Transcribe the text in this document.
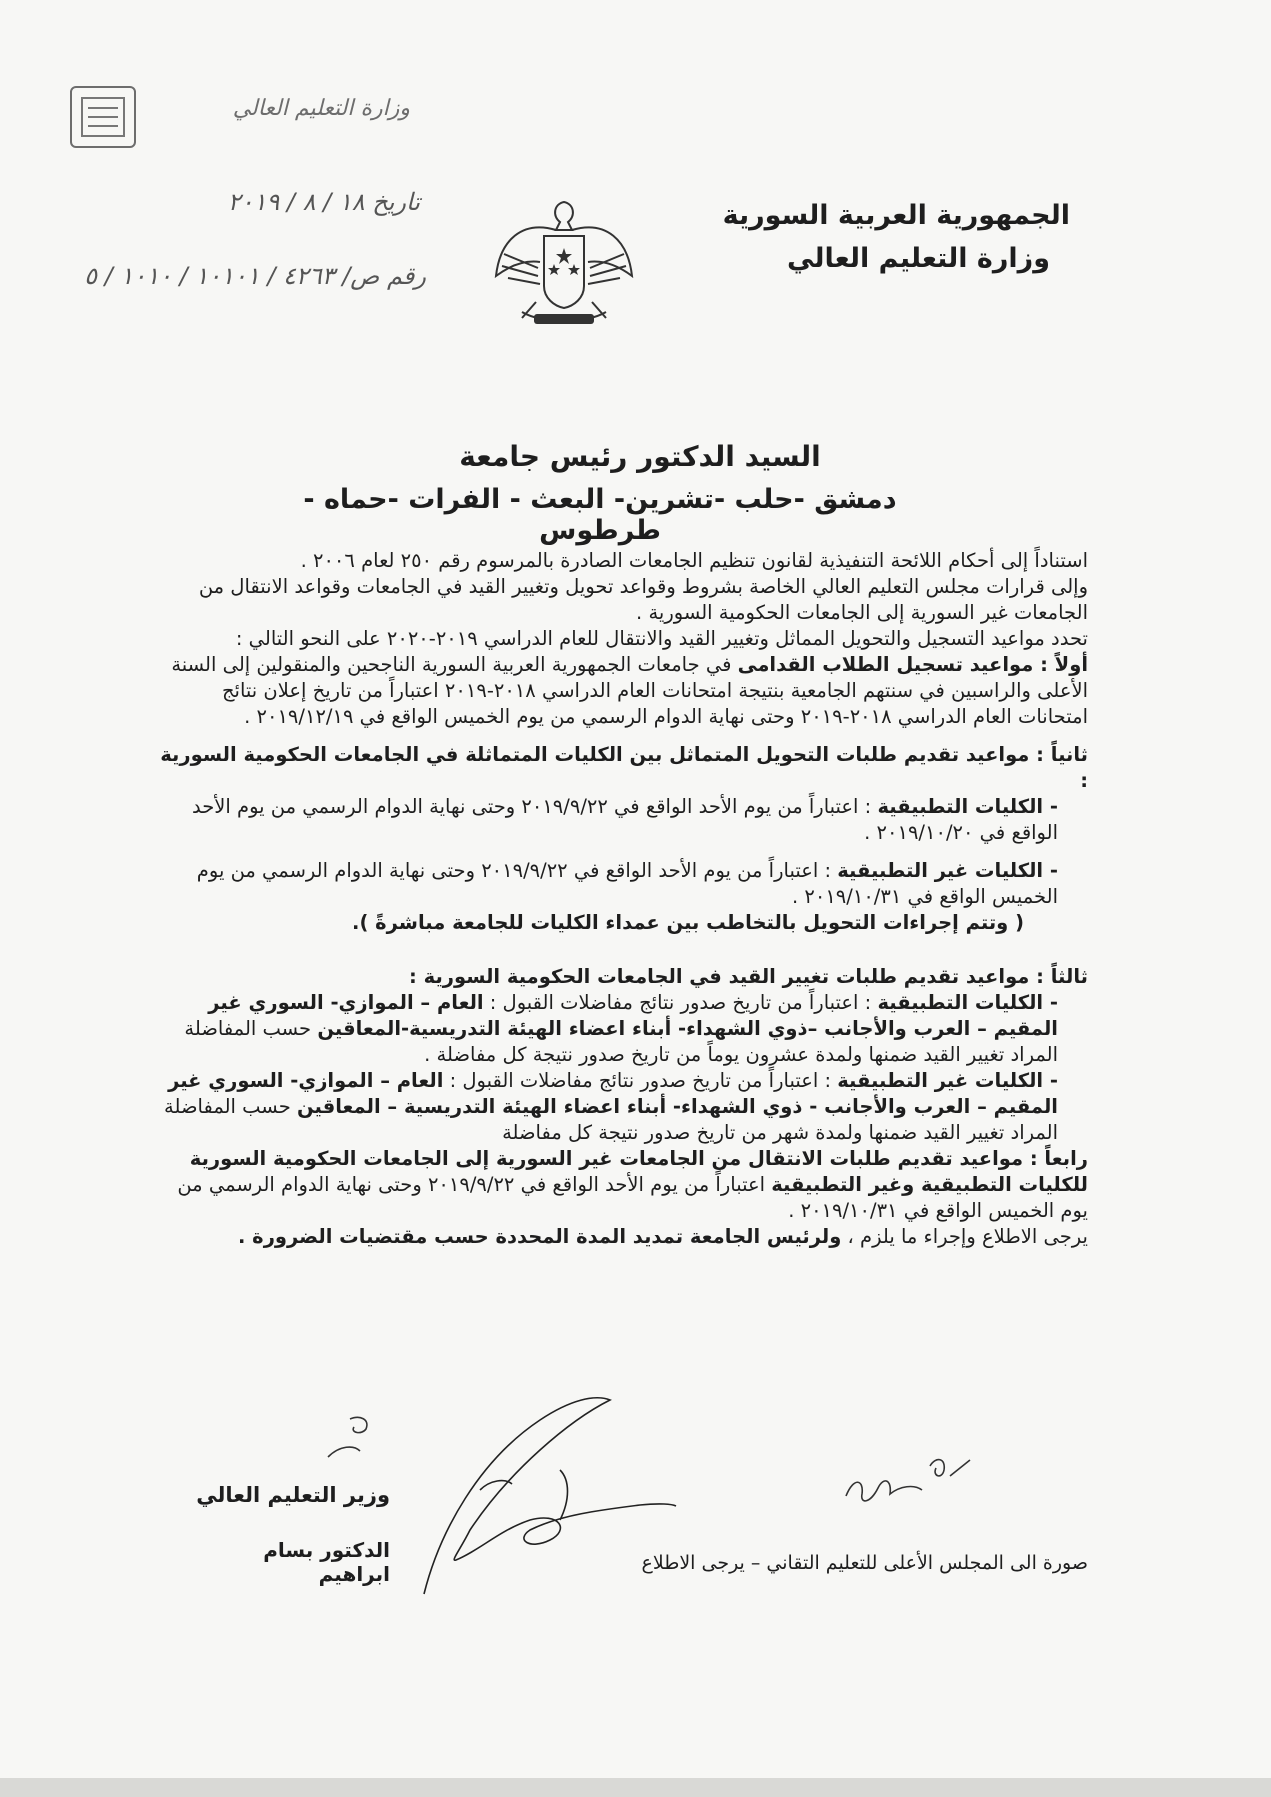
وزارة التعليم العالي
تاريخ ١٨ / ٨ / ٢٠١٩
رقم ص/ ٤٢٦٣ / ١٠١٠١ / ١٠١٠ / ٥
الجمهورية العربية السورية
وزارة التعليم العالي
السيد الدكتور رئيس جامعة
دمشق -حلب -تشرين- البعث - الفرات -حماه - طرطوس

استناداً إلى أحكام اللائحة التنفيذية لقانون تنظيم الجامعات الصادرة بالمرسوم رقم ٢٥٠ لعام ٢٠٠٦ .

وإلى قرارات مجلس التعليم العالي الخاصة بشروط وقواعد تحويل وتغيير القيد في الجامعات وقواعد الانتقال من الجامعات غير السورية إلى الجامعات الحكومية السورية .

تحدد مواعيد التسجيل والتحويل المماثل وتغيير القيد والانتقال للعام الدراسي ٢٠١٩-٢٠٢٠ على النحو التالي :

أولاً : مواعيد تسجيل الطلاب القدامى في جامعات الجمهورية العربية السورية الناجحين والمنقولين إلى السنة الأعلى والراسبين في سنتهم الجامعية بنتيجة امتحانات العام الدراسي ٢٠١٨-٢٠١٩ اعتباراً من تاريخ إعلان نتائج امتحانات العام الدراسي ٢٠١٨-٢٠١٩ وحتى نهاية الدوام الرسمي من يوم الخميس الواقع في ٢٠١٩/١٢/١٩ .

ثانياً : مواعيد تقديم طلبات التحويل المتماثل بين الكليات المتماثلة في الجامعات الحكومية السورية :

- الكليات التطبيقية : اعتباراً من يوم الأحد الواقع في ٢٠١٩/٩/٢٢ وحتى نهاية الدوام الرسمي من يوم الأحد الواقع في ٢٠١٩/١٠/٢٠ .

- الكليات غير التطبيقية : اعتباراً من يوم الأحد الواقع في ٢٠١٩/٩/٢٢ وحتى نهاية الدوام الرسمي من يوم الخميس الواقع في ٢٠١٩/١٠/٣١ .

( وتتم إجراءات التحويل بالتخاطب بين عمداء الكليات للجامعة مباشرةً ).

ثالثاً : مواعيد تقديم طلبات تغيير القيد في الجامعات الحكومية السورية :

- الكليات التطبيقية : اعتباراً من تاريخ صدور نتائج مفاضلات القبول : العام – الموازي- السوري غير المقيم – العرب والأجانب –ذوي الشهداء- أبناء اعضاء الهيئة التدريسية-المعاقين حسب المفاضلة المراد تغيير القيد ضمنها ولمدة عشرون يوماً من تاريخ صدور نتيجة كل مفاضلة .

- الكليات غير التطبيقية : اعتباراً من تاريخ صدور نتائج مفاضلات القبول : العام – الموازي- السوري غير المقيم – العرب والأجانب - ذوي الشهداء- أبناء اعضاء الهيئة التدريسية – المعاقين حسب المفاضلة المراد تغيير القيد ضمنها ولمدة شهر من تاريخ صدور نتيجة كل مفاضلة

رابعاً : مواعيد تقديم طلبات الانتقال من الجامعات غير السورية إلى الجامعات الحكومية السورية للكليات التطبيقية وغير التطبيقية اعتباراً من يوم الأحد الواقع في ٢٠١٩/٩/٢٢ وحتى نهاية الدوام الرسمي من يوم الخميس الواقع في ٢٠١٩/١٠/٣١ .

يرجى الاطلاع وإجراء ما يلزم ، ولرئيس الجامعة تمديد المدة المحددة حسب مقتضيات الضرورة .

وزير التعليم العالي
الدكتور بسام ابراهيم	صورة الى المجلس الأعلى للتعليم التقاني – يرجى الاطلاع
